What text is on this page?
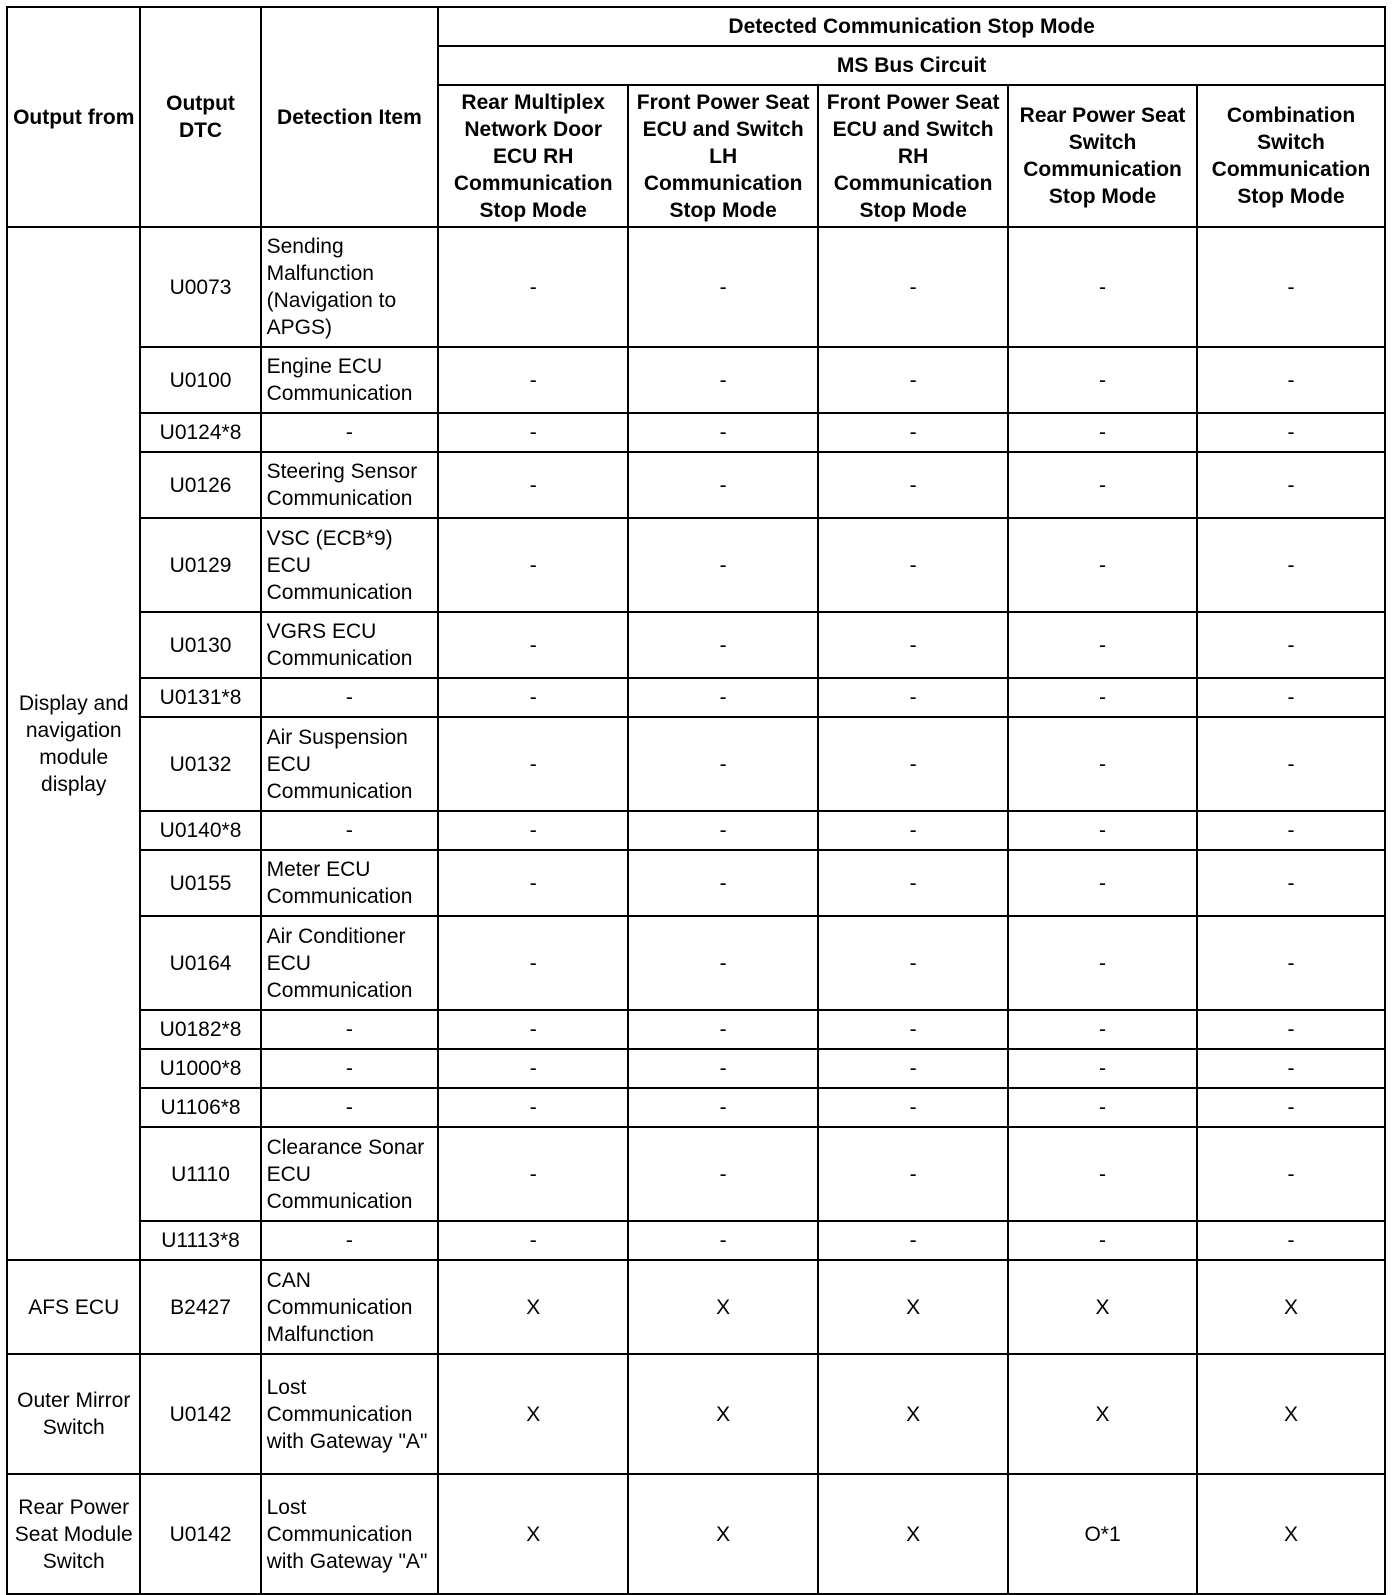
Output from	Output DTC	Detection Item	Detected Communication Stop Mode				
			MS Bus Circuit				
			Rear Multiplex Network Door ECU RH Communication Stop Mode	Front Power Seat ECU and Switch LH Communication Stop Mode	Front Power Seat ECU and Switch RH Communication Stop Mode	Rear Power Seat Switch Communication Stop Mode	Combination Switch Communication Stop Mode
Display and navigation module display	U0073	Sending Malfunction (Navigation to APGS)	-	-	-	-	-
	U0100	Engine ECU Communication	-	-	-	-	-
	U0124*8	-	-	-	-	-	-
	U0126	Steering Sensor Communication	-	-	-	-	-
	U0129	VSC (ECB*9) ECU Communication	-	-	-	-	-
	U0130	VGRS ECU Communication	-	-	-	-	-
	U0131*8	-	-	-	-	-	-
	U0132	Air Suspension ECU Communication	-	-	-	-	-
	U0140*8	-	-	-	-	-	-
	U0155	Meter ECU Communication	-	-	-	-	-
	U0164	Air Conditioner ECU Communication	-	-	-	-	-
	U0182*8	-	-	-	-	-	-
	U1000*8	-	-	-	-	-	-
	U1106*8	-	-	-	-	-	-
	U1110	Clearance Sonar ECU Communication	-	-	-	-	-
	U1113*8	-	-	-	-	-	-
AFS ECU	B2427	CAN Communication Malfunction	X	X	X	X	X
Outer Mirror Switch	U0142	Lost Communication with Gateway "A"	X	X	X	X	X
Rear Power Seat Module Switch	U0142	Lost Communication with Gateway "A"	X	X	X	O*1	X
